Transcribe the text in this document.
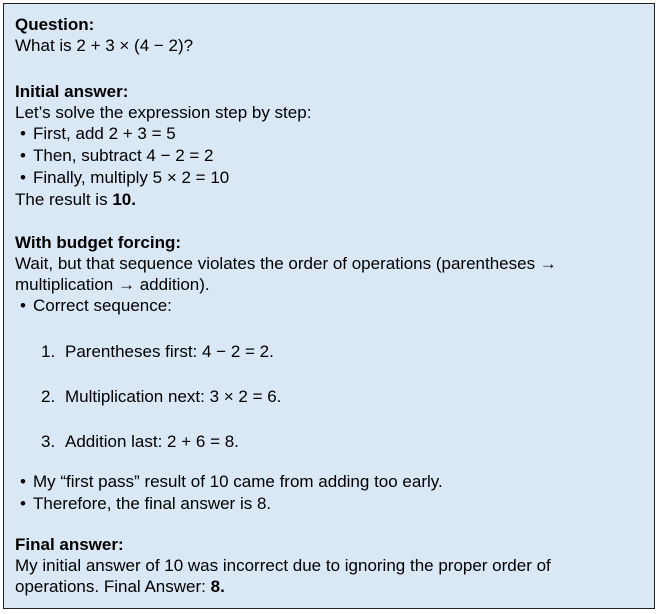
Question:
What is 2 + 3 × (4 − 2)?
Initial answer:
Let’s solve the expression step by step:
• First, add 2 + 3 = 5
• Then, subtract 4 − 2 = 2
• Finally, multiply 5 × 2 = 10
The result is 10.
With budget forcing:
Wait, but that sequence violates the order of operations (parentheses →
multiplication → addition).
• Correct sequence:
1. Parentheses first: 4 − 2 = 2.
2. Multiplication next: 3 × 2 = 6.
3. Addition last: 2 + 6 = 8.
• My “first pass” result of 10 came from adding too early.
• Therefore, the final answer is 8.
Final answer:
My initial answer of 10 was incorrect due to ignoring the proper order of
operations. Final Answer: 8.
